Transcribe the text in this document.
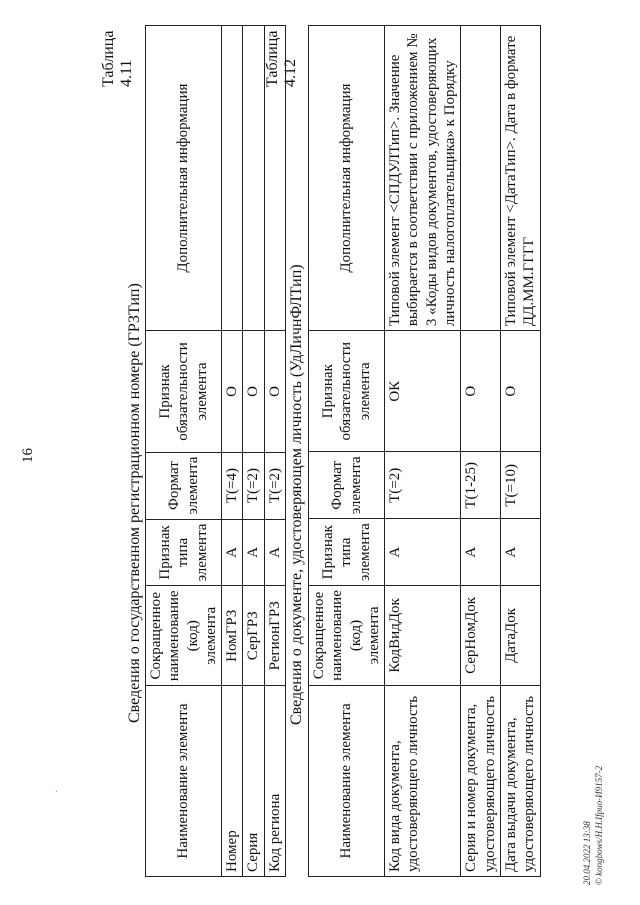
16
Таблица 4.11
Сведения о государственном регистрационном номере (ГРЗТип)
Наименование элемента	Сокращенное наименование (код) элемента	Признак типа элемента	Формат элемента	Признак обязательности элемента	Дополнительная информация
Номер	НомГРЗ	А	Т(=4)	О	
Серия	СерГРЗ	А	Т(=2)	О	
Код региона	РегионГРЗ	А	Т(=2)	О	
Таблица 4.12
Сведения о документе, удостоверяющем личность (УдЛичнФЛТип)
Наименование элемента	Сокращенное наименование (код) элемента	Признак типа элемента	Формат элемента	Признак обязательности элемента	Дополнительная информация
Код вида документа, удостоверяющего личность	КодВидДок	А	Т(=2)	ОК	Типовой элемент <СПДУЛТип>. Значение выбирается в соответствии с приложением № 3 «Коды видов документов, удостоверяющих личность налогоплательщика» к Порядку
Серия и номер документа, удостоверяющего личность	СерНомДок	А	Т(1-25)	О	
Дата выдачи документа, удостоверяющего личность	ДатаДок	А	Т(=10)	О	Типовой элемент <ДатаТип>. Дата в формате ДД.ММ.ГГГГ
20.04.2022 13:38 © kongbows/Н.Н.Ifpuо-И9157-2
·
